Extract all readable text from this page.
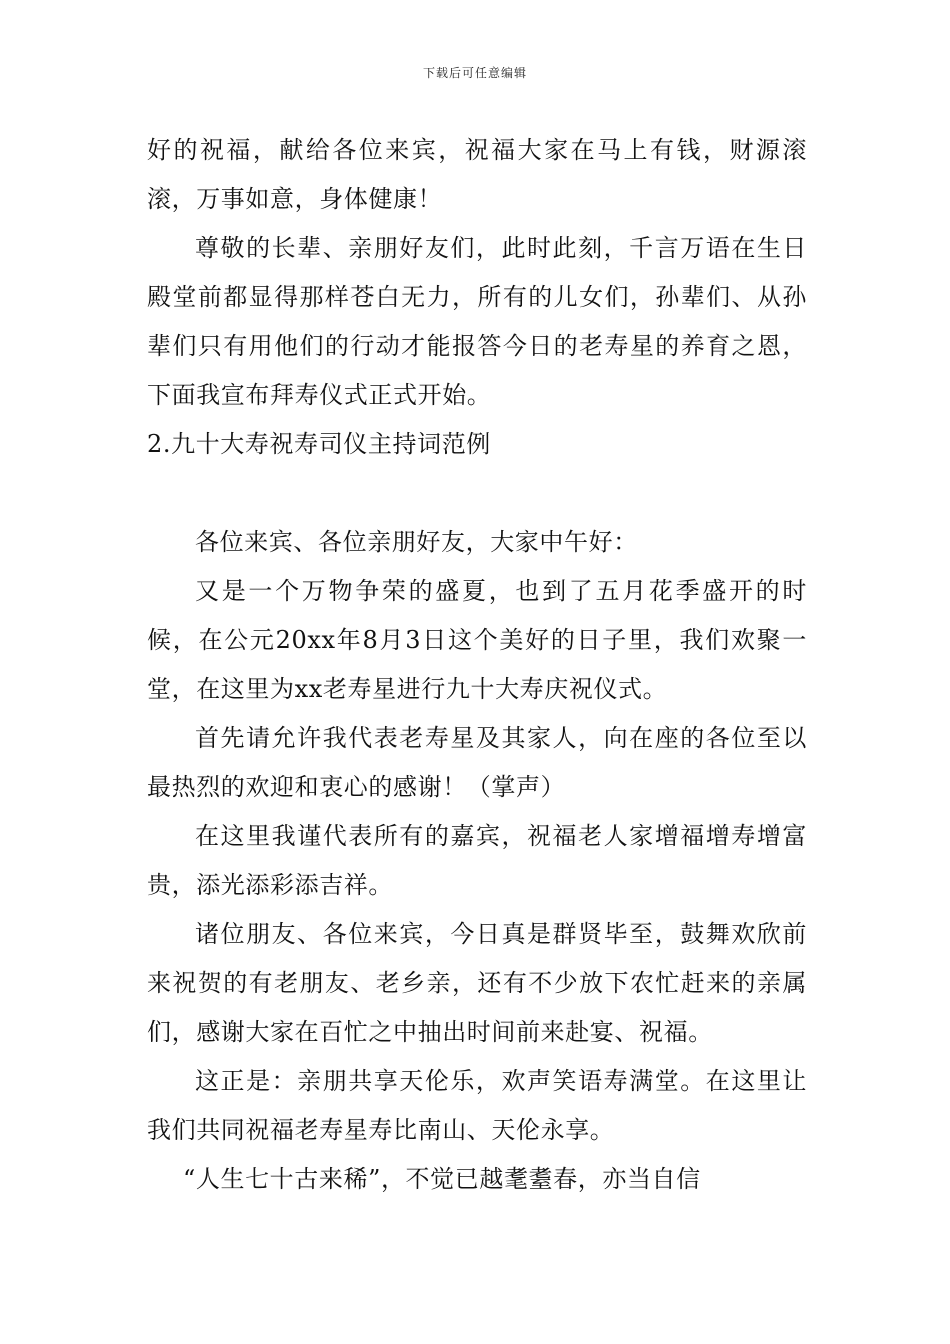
下载后可任意编辑

好的祝福，献给各位来宾，祝福大家在马上有钱，财源滚滚，万事如意，身体健康！

尊敬的长辈、亲朋好友们，此时此刻，千言万语在生日殿堂前都显得那样苍白无力，所有的儿女们，孙辈们、从孙辈们只有用他们的行动才能报答今日的老寿星的养育之恩，下面我宣布拜寿仪式正式开始。

2.九十大寿祝寿司仪主持词范例

各位来宾、各位亲朋好友，大家中午好：

又是一个万物争荣的盛夏，也到了五月花季盛开的时候，在公元20xx年8月3日这个美好的日子里，我们欢聚一堂，在这里为xx老寿星进行九十大寿庆祝仪式。

首先请允许我代表老寿星及其家人，向在座的各位至以最热烈的欢迎和衷心的感谢！（掌声）

在这里我谨代表所有的嘉宾，祝福老人家增福增寿增富贵，添光添彩添吉祥。

诸位朋友、各位来宾，今日真是群贤毕至，鼓舞欢欣前来祝贺的有老朋友、老乡亲，还有不少放下农忙赶来的亲属们，感谢大家在百忙之中抽出时间前来赴宴、祝福。

这正是：亲朋共享天伦乐，欢声笑语寿满堂。在这里让我们共同祝福老寿星寿比南山、天伦永享。

“人生七十古来稀”，不觉已越耄耋春，亦当自信
